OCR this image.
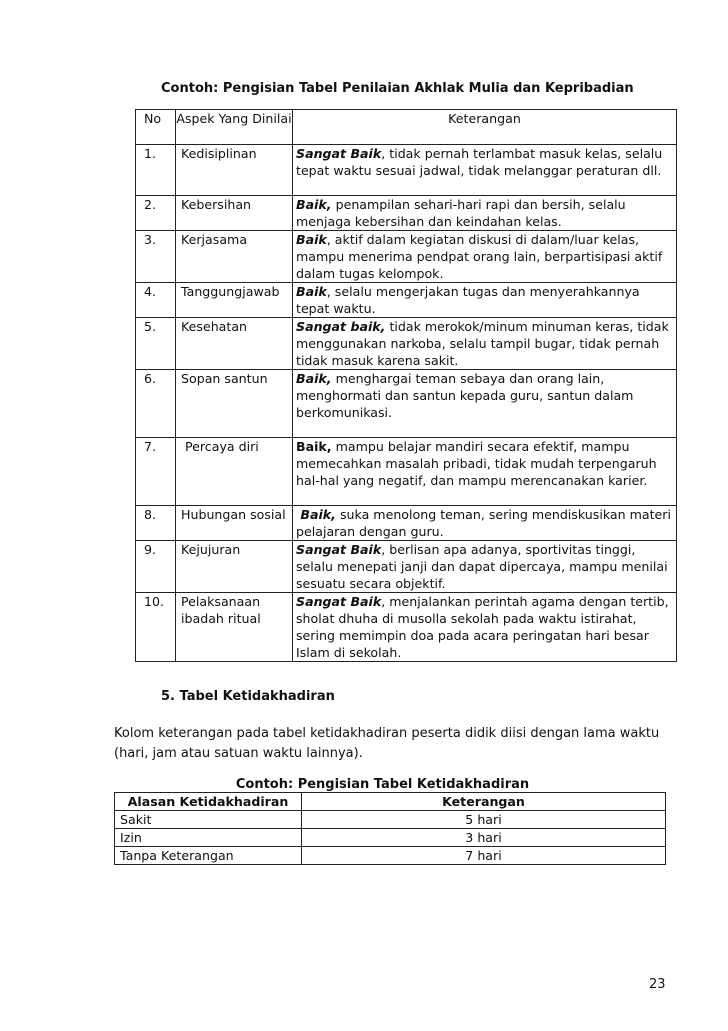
Contoh: Pengisian Tabel Penilaian Akhlak Mulia dan Kepribadian
No	Aspek Yang Dinilai	Keterangan
1.	Kedisiplinan	Sangat Baik, tidak pernah terlambat masuk kelas, selalu tepat waktu sesuai jadwal, tidak melanggar peraturan dll.
2.	Kebersihan	Baik, penampilan sehari-hari rapi dan bersih, selalu menjaga kebersihan dan keindahan kelas.
3.	Kerjasama	Baik, aktif dalam kegiatan diskusi di dalam/luar kelas, mampu menerima pendpat orang lain, berpartisipasi aktif dalam tugas kelompok.
4.	Tanggungjawab	Baik, selalu mengerjakan tugas dan menyerahkannya tepat waktu.
5.	Kesehatan	Sangat baik, tidak merokok/minum minuman keras, tidak menggunakan narkoba, selalu tampil bugar, tidak pernah tidak masuk karena sakit.
6.	Sopan santun	Baik, menghargai teman sebaya dan orang lain, menghormati dan santun kepada guru, santun dalam berkomunikasi.
7.	Percaya diri	Baik, mampu belajar mandiri secara efektif, mampu memecahkan masalah pribadi, tidak mudah terpengaruh hal-hal yang negatif, dan mampu merencanakan karier.
8.	Hubungan sosial	Baik, suka menolong teman, sering mendiskusikan materi pelajaran dengan guru.
9.	Kejujuran	Sangat Baik, berlisan apa adanya, sportivitas tinggi, selalu menepati janji dan dapat dipercaya, mampu menilai sesuatu secara objektif.
10.	Pelaksanaan ibadah ritual	Sangat Baik, menjalankan perintah agama dengan tertib, sholat dhuha di musolla sekolah pada waktu istirahat, sering memimpin doa pada acara peringatan hari besar Islam di sekolah.
5. Tabel Ketidakhadiran
Kolom keterangan pada tabel ketidakhadiran peserta didik diisi dengan lama waktu (hari, jam atau satuan waktu lainnya).
Contoh: Pengisian Tabel Ketidakhadiran
Alasan Ketidakhadiran	Keterangan
Sakit	5 hari
Izin	3 hari
Tanpa Keterangan	7 hari
23
